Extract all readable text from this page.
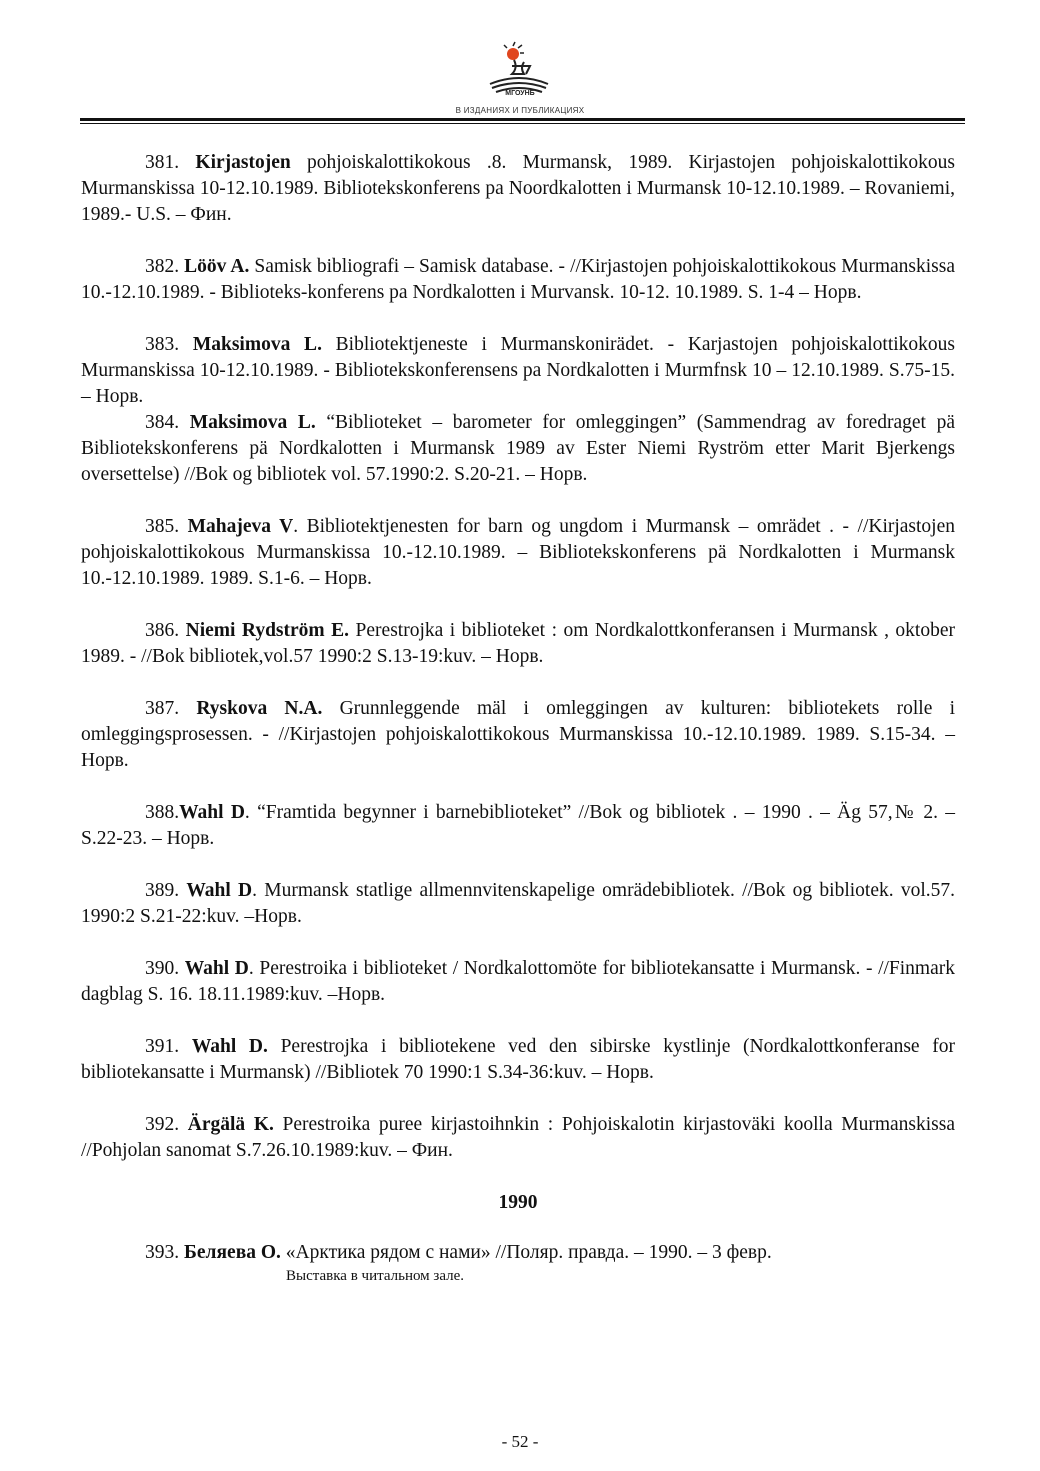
МГОУНБ
В ИЗДАНИЯХ И ПУБЛИКАЦИЯХ

381. Kirjastojen pohjoiskalottikokous .8. Murmansk, 1989. Kirjastojen pohjoiskalottikokous Murmanskissa 10-12.10.1989. Bibliotekskonferens pa Noordkalotten i Murmansk 10-12.10.1989. – Rovaniemi, 1989.- U.S. – Фин.

382. Lööv A. Samisk bibliografi – Samisk database. - //Kirjastojen pohjoiskalottikokous Murmanskissa 10.-12.10.1989. - Biblioteks-konferens pa Nordkalotten i Murvansk. 10-12. 10.1989. S. 1-4 – Норв.

383. Maksimova L. Bibliotektjeneste i Murmanskonirädet. - Karjastojen pohjoiskalottikokous Murmanskissa 10-12.10.1989. - Bibliotekskonferensens pa Nordkalotten i Murmfnsk 10 – 12.10.1989. S.75-15. – Норв.

384. Maksimova L. “Biblioteket – barometer for omleggingen” (Sammendrag av foredraget pä Bibliotekskonferens pä Nordkalotten i Murmansk 1989 av Ester Niemi Ryström etter Marit Bjerkengs oversettelse) //Bok og bibliotek vol. 57.1990:2. S.20-21. – Норв.

385. Mahajeva V. Bibliotektjenesten for barn og ungdom i Murmansk – omrädet . - //Kirjastojen pohjoiskalottikokous Murmanskissa 10.-12.10.1989. – Bibliotekskonferens pä Nordkalotten i Murmansk 10.-12.10.1989. 1989. S.1-6. – Норв.

386. Niemi Rydström E. Perestrojka i biblioteket : om Nordkalottkonferansen i Murmansk , oktober 1989. - //Bok bibliotek,vol.57 1990:2 S.13-19:kuv. – Норв.

387. Ryskova N.A. Grunnleggende mäl i omleggingen av kulturen: bibliotekets rolle i omleggingsprosessen. - //Kirjastojen pohjoiskalottikokous Murmanskissa 10.-12.10.1989. 1989. S.15-34. –Норв.

388.Wahl D. “Framtida begynner i barnebiblioteket” //Bok og bibliotek . – 1990 . – Äg 57,№ 2. – S.22-23. – Норв.

389. Wahl D. Murmansk statlige allmennvitenskapelige omrädebibliotek. //Bok og bibliotek. vol.57. 1990:2 S.21-22:kuv. –Норв.

390. Wahl D. Perestroika i biblioteket / Nordkalottomöte for bibliotekansatte i Murmansk. - //Finmark dagblag S. 16. 18.11.1989:kuv. –Норв.

391. Wahl D. Perestrojka i bibliotekene ved den sibirske kystlinje (Nordkalottkonferanse for bibliotekansatte i Murmansk) //Bibliotek 70 1990:1 S.34-36:kuv. – Норв.

392. Ärgälä K. Perestroika puree kirjastoihnkin : Pohjoiskalotin kirjastoväki koolla Murmanskissa //Pohjolan sanomat S.7.26.10.1989:kuv. – Фин.

1990

393. Беляева О. «Арктика рядом с нами» //Поляр. правда. – 1990. – 3 февр.

Выставка в читальном зале.
- 52 -
